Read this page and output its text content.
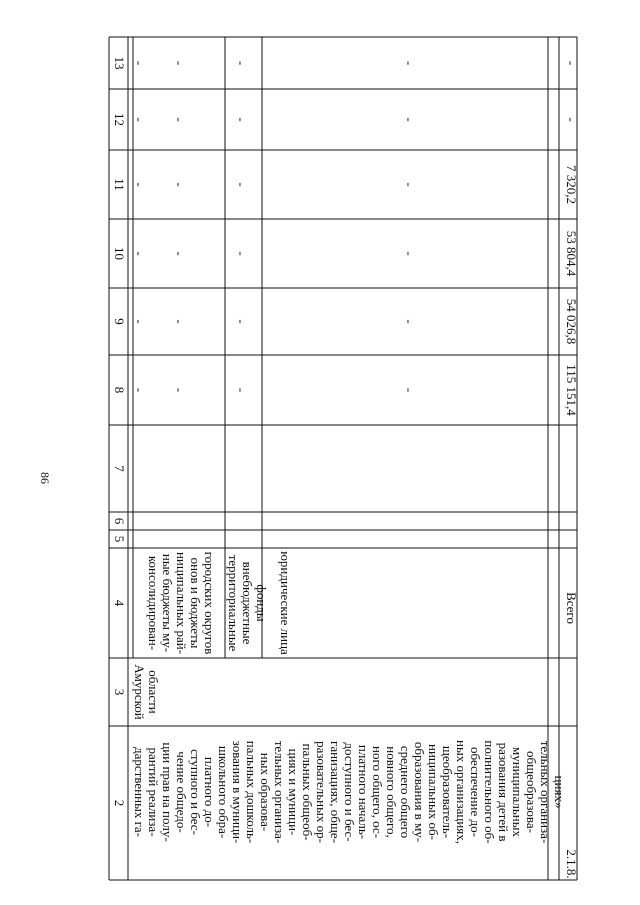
86
13
12
11
10
9
8
7
6
5
4
3
2 дарственных га- рантий реализа- ции прав на полу- чение общедо- ступного и бес- платного до- школьного обра- зования в муници- пальных дошколь- ных образова- тельных организа- циях и муници- пальных общеоб- разовательных ор- ганизациях, обще- доступного и бес- платного началь- ного общего, ос- новного общего, среднего общего образования в му- ниципальных об- щеобразователь- ных организациях, обеспечение до- полнительного об- разования детей в муниципальных общеобразова- тельных организа- циях»
Амурской области
консолидирован- ные бюджеты му- ниципальных рай- онов и бюджеты городских округов территориальные внебюджетные фонды юридические лица
-
-
-
-
-
-
-
-
-
-
-
-
-
-
-
-
-
-
-
-
-
-
-
-
2.1.8.
Всего
115 151,4
54 026,8
53 804,4
7 320,2
-
-
